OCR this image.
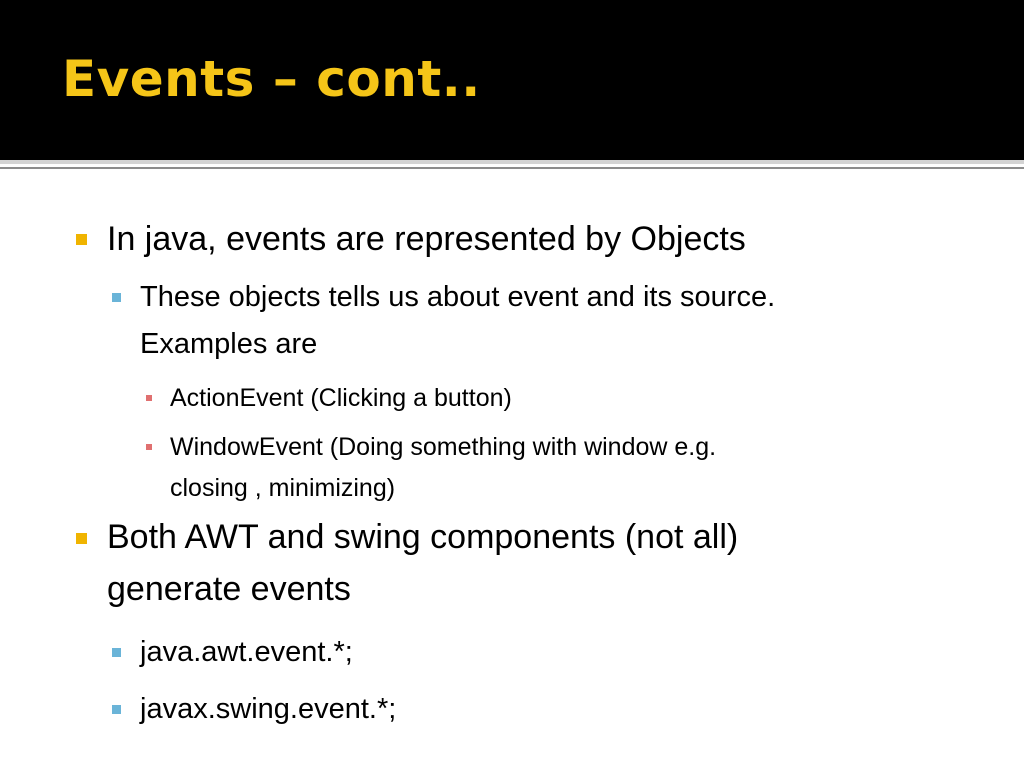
Events – cont..
In java, events are represented by Objects
These objects tells us about event and its source.
Examples are
ActionEvent (Clicking a button)
WindowEvent (Doing something with window e.g.
closing , minimizing)
Both AWT and swing components (not all)
generate events
java.awt.event.*;
javax.swing.event.*;
